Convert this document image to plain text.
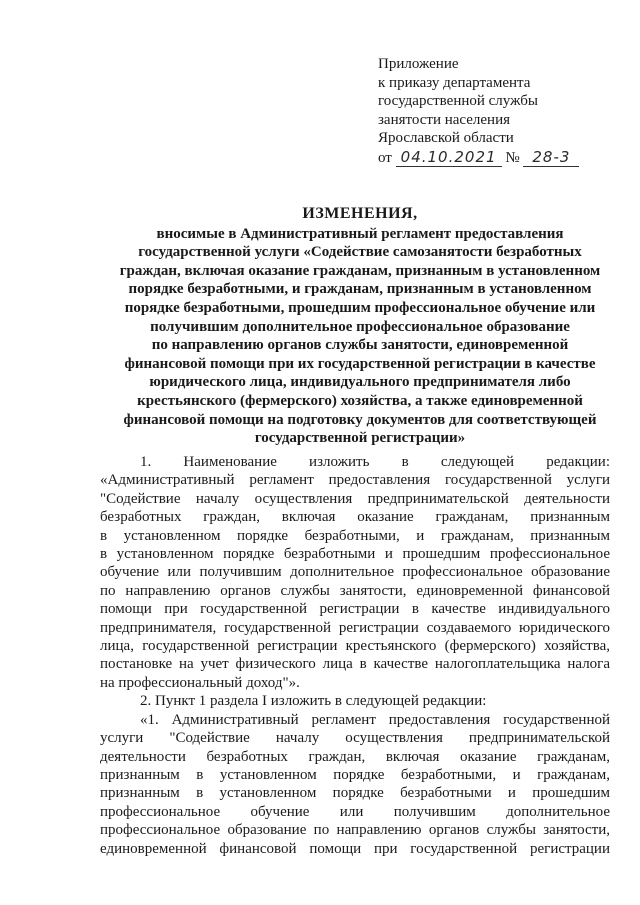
Приложение
к приказу департамента
государственной службы
занятости населения
Ярославской области
от 04.10.2021 № 28-3
ИЗМЕНЕНИЯ,
вносимые в Административный регламент предоставления
государственной услуги «Содействие самозанятости безработных
граждан, включая оказание гражданам, признанным в установленном
порядке безработными, и гражданам, признанным в установленном
порядке безработными, прошедшим профессиональное обучение или
получившим дополнительное профессиональное образование
по направлению органов службы занятости, единовременной
финансовой помощи при их государственной регистрации в качестве
юридического лица, индивидуального предпринимателя либо
крестьянского (фермерского) хозяйства, а также единовременной
финансовой помощи на подготовку документов для соответствующей
государственной регистрации»
1. Наименование изложить в следующей редакции:
«Административный регламент предоставления государственной услуги
"Содействие началу осуществления предпринимательской деятельности
безработных граждан, включая оказание гражданам, признанным
в установленном порядке безработными, и гражданам, признанным
в установленном порядке безработными и прошедшим профессиональное
обучение или получившим дополнительное профессиональное образование
по направлению органов службы занятости, единовременной финансовой
помощи при государственной регистрации в качестве индивидуального
предпринимателя, государственной регистрации создаваемого юридического
лица, государственной регистрации крестьянского (фермерского) хозяйства,
постановке на учет физического лица в качестве налогоплательщика налога
на профессиональный доход"».
2. Пункт 1 раздела I изложить в следующей редакции:
«1. Административный регламент предоставления государственной
услуги "Содействие началу осуществления предпринимательской
деятельности безработных граждан, включая оказание гражданам,
признанным в установленном порядке безработными, и гражданам,
признанным в установленном порядке безработными и прошедшим
профессиональное обучение или получившим дополнительное
профессиональное образование по направлению органов службы занятости,
единовременной финансовой помощи при государственной регистрации
